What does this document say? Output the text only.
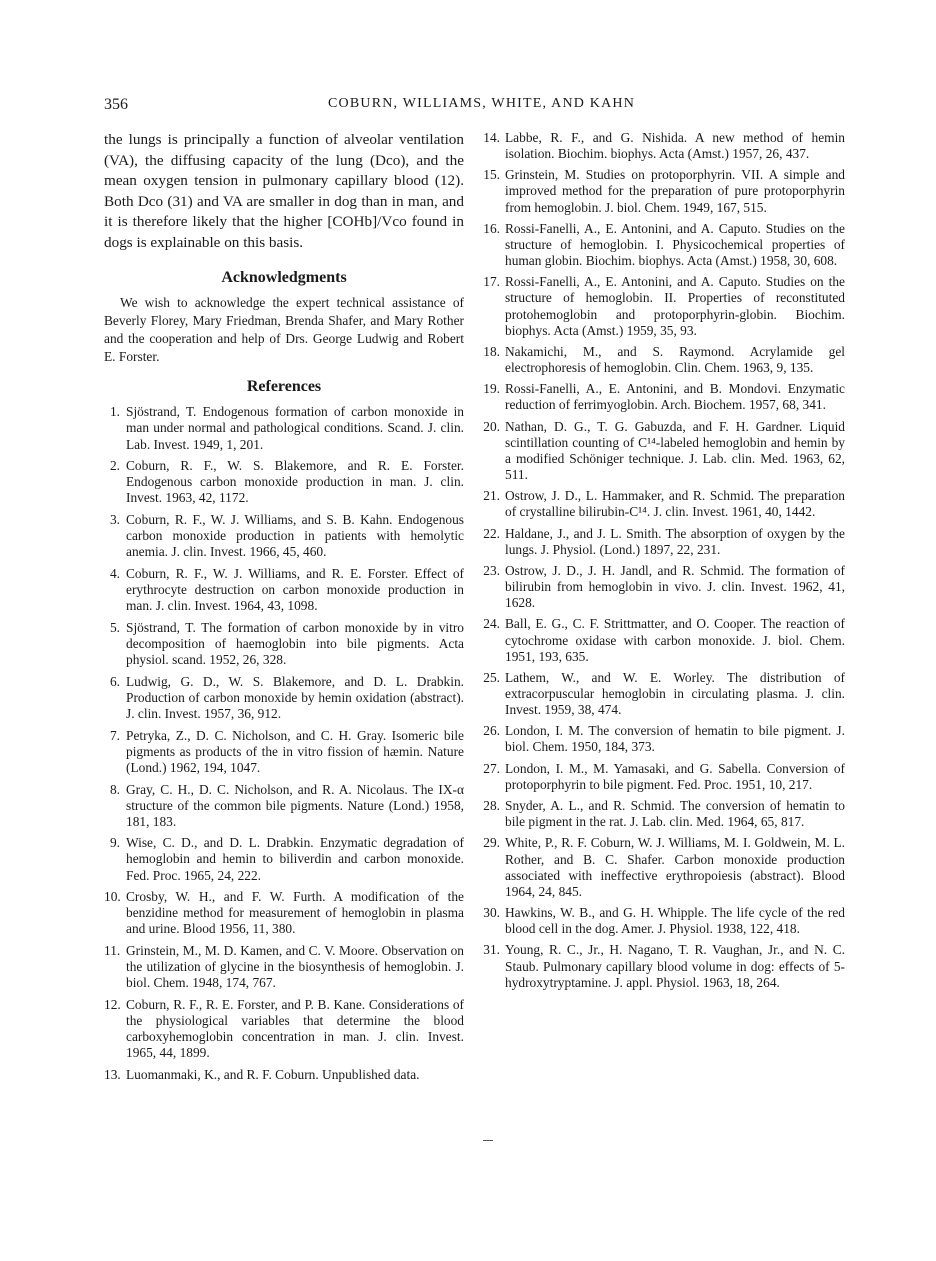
356	COBURN, WILLIAMS, WHITE, AND KAHN

the lungs is principally a function of alveolar ventilation (VA), the diffusing capacity of the lung (Dco), and the mean oxygen tension in pulmonary capillary blood (12). Both Dco (31) and VA are smaller in dog than in man, and it is therefore likely that the higher [COHb]/Vco found in dogs is explainable on this basis.

Acknowledgments

We wish to acknowledge the expert technical assistance of Beverly Florey, Mary Friedman, Brenda Shafer, and Mary Rother and the cooperation and help of Drs. George Ludwig and Robert E. Forster.

References
1. Sjöstrand, T. Endogenous formation of carbon monoxide in man under normal and pathological conditions. Scand. J. clin. Lab. Invest. 1949, 1, 201.
2. Coburn, R. F., W. S. Blakemore, and R. E. Forster. Endogenous carbon monoxide production in man. J. clin. Invest. 1963, 42, 1172.
3. Coburn, R. F., W. J. Williams, and S. B. Kahn. Endogenous carbon monoxide production in patients with hemolytic anemia. J. clin. Invest. 1966, 45, 460.
4. Coburn, R. F., W. J. Williams, and R. E. Forster. Effect of erythrocyte destruction on carbon monoxide production in man. J. clin. Invest. 1964, 43, 1098.
5. Sjöstrand, T. The formation of carbon monoxide by in vitro decomposition of haemoglobin into bile pigments. Acta physiol. scand. 1952, 26, 328.
6. Ludwig, G. D., W. S. Blakemore, and D. L. Drabkin. Production of carbon monoxide by hemin oxidation (abstract). J. clin. Invest. 1957, 36, 912.
7. Petryka, Z., D. C. Nicholson, and C. H. Gray. Isomeric bile pigments as products of the in vitro fission of hæmin. Nature (Lond.) 1962, 194, 1047.
8. Gray, C. H., D. C. Nicholson, and R. A. Nicolaus. The IX-α structure of the common bile pigments. Nature (Lond.) 1958, 181, 183.
9. Wise, C. D., and D. L. Drabkin. Enzymatic degradation of hemoglobin and hemin to biliverdin and carbon monoxide. Fed. Proc. 1965, 24, 222.
10. Crosby, W. H., and F. W. Furth. A modification of the benzidine method for measurement of hemoglobin in plasma and urine. Blood 1956, 11, 380.
11. Grinstein, M., M. D. Kamen, and C. V. Moore. Observation on the utilization of glycine in the biosynthesis of hemoglobin. J. biol. Chem. 1948, 174, 767.
12. Coburn, R. F., R. E. Forster, and P. B. Kane. Considerations of the physiological variables that determine the blood carboxyhemoglobin concentration in man. J. clin. Invest. 1965, 44, 1899.
13. Luomanmaki, K., and R. F. Coburn. Unpublished data.
14. Labbe, R. F., and G. Nishida. A new method of hemin isolation. Biochim. biophys. Acta (Amst.) 1957, 26, 437.
15. Grinstein, M. Studies on protoporphyrin. VII. A simple and improved method for the preparation of pure protoporphyrin from hemoglobin. J. biol. Chem. 1949, 167, 515.
16. Rossi-Fanelli, A., E. Antonini, and A. Caputo. Studies on the structure of hemoglobin. I. Physicochemical properties of human globin. Biochim. biophys. Acta (Amst.) 1958, 30, 608.
17. Rossi-Fanelli, A., E. Antonini, and A. Caputo. Studies on the structure of hemoglobin. II. Properties of reconstituted protohemoglobin and protoporphyrin-globin. Biochim. biophys. Acta (Amst.) 1959, 35, 93.
18. Nakamichi, M., and S. Raymond. Acrylamide gel electrophoresis of hemoglobin. Clin. Chem. 1963, 9, 135.
19. Rossi-Fanelli, A., E. Antonini, and B. Mondovi. Enzymatic reduction of ferrimyoglobin. Arch. Biochem. 1957, 68, 341.
20. Nathan, D. G., T. G. Gabuzda, and F. H. Gardner. Liquid scintillation counting of C¹⁴-labeled hemoglobin and hemin by a modified Schöniger technique. J. Lab. clin. Med. 1963, 62, 511.
21. Ostrow, J. D., L. Hammaker, and R. Schmid. The preparation of crystalline bilirubin-C¹⁴. J. clin. Invest. 1961, 40, 1442.
22. Haldane, J., and J. L. Smith. The absorption of oxygen by the lungs. J. Physiol. (Lond.) 1897, 22, 231.
23. Ostrow, J. D., J. H. Jandl, and R. Schmid. The formation of bilirubin from hemoglobin in vivo. J. clin. Invest. 1962, 41, 1628.
24. Ball, E. G., C. F. Strittmatter, and O. Cooper. The reaction of cytochrome oxidase with carbon monoxide. J. biol. Chem. 1951, 193, 635.
25. Lathem, W., and W. E. Worley. The distribution of extracorpuscular hemoglobin in circulating plasma. J. clin. Invest. 1959, 38, 474.
26. London, I. M. The conversion of hematin to bile pigment. J. biol. Chem. 1950, 184, 373.
27. London, I. M., M. Yamasaki, and G. Sabella. Conversion of protoporphyrin to bile pigment. Fed. Proc. 1951, 10, 217.
28. Snyder, A. L., and R. Schmid. The conversion of hematin to bile pigment in the rat. J. Lab. clin. Med. 1964, 65, 817.
29. White, P., R. F. Coburn, W. J. Williams, M. I. Goldwein, M. L. Rother, and B. C. Shafer. Carbon monoxide production associated with ineffective erythropoiesis (abstract). Blood 1964, 24, 845.
30. Hawkins, W. B., and G. H. Whipple. The life cycle of the red blood cell in the dog. Amer. J. Physiol. 1938, 122, 418.
31. Young, R. C., Jr., H. Nagano, T. R. Vaughan, Jr., and N. C. Staub. Pulmonary capillary blood volume in dog: effects of 5-hydroxytryptamine. J. appl. Physiol. 1963, 18, 264.
